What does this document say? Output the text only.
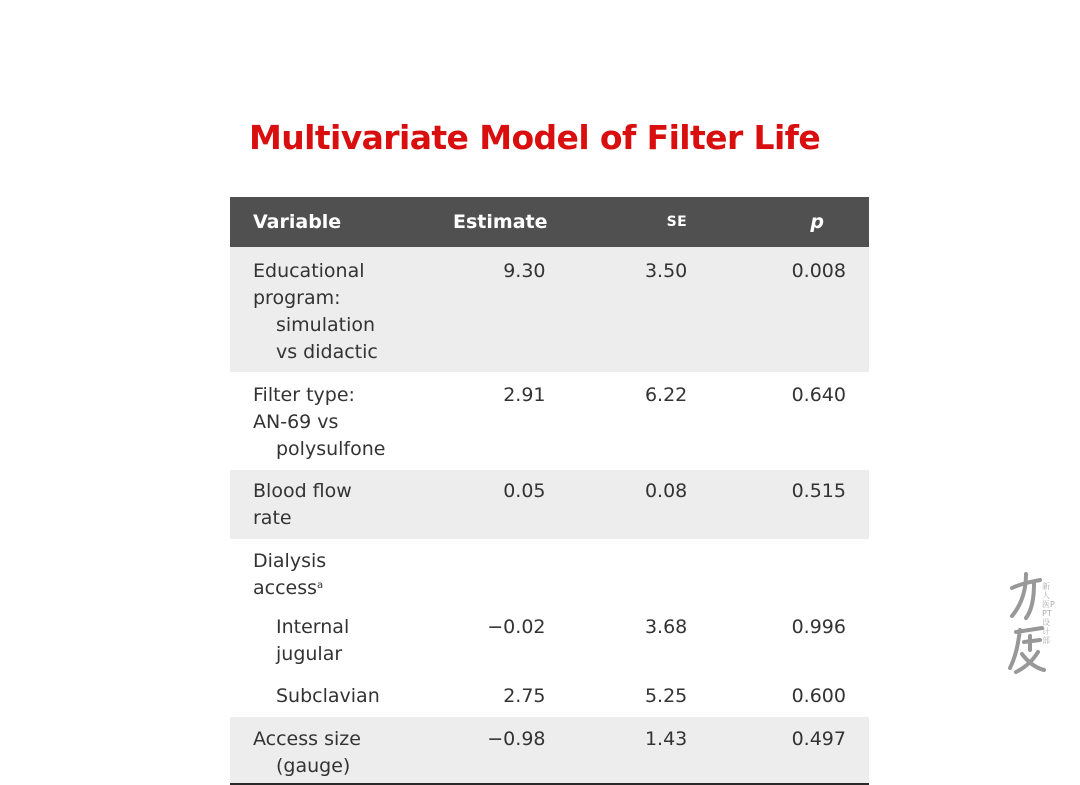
Multivariate Model of Filter Life
Variable	Estimate	SE	p
Educational program:
simulation vs didactic	9.30	3.50	0.008
Filter type: AN-69 vs
polysulfone	2.91	6.22	0.640
Blood flow rate	0.05	0.08	0.515
Dialysis access$^a$			
Internal jugular	−0.02	3.68	0.996
Subclavian	2.75	5.25	0.600
Access size
(gauge)	−0.98	1.43	0.497
新人医PPT设计部
